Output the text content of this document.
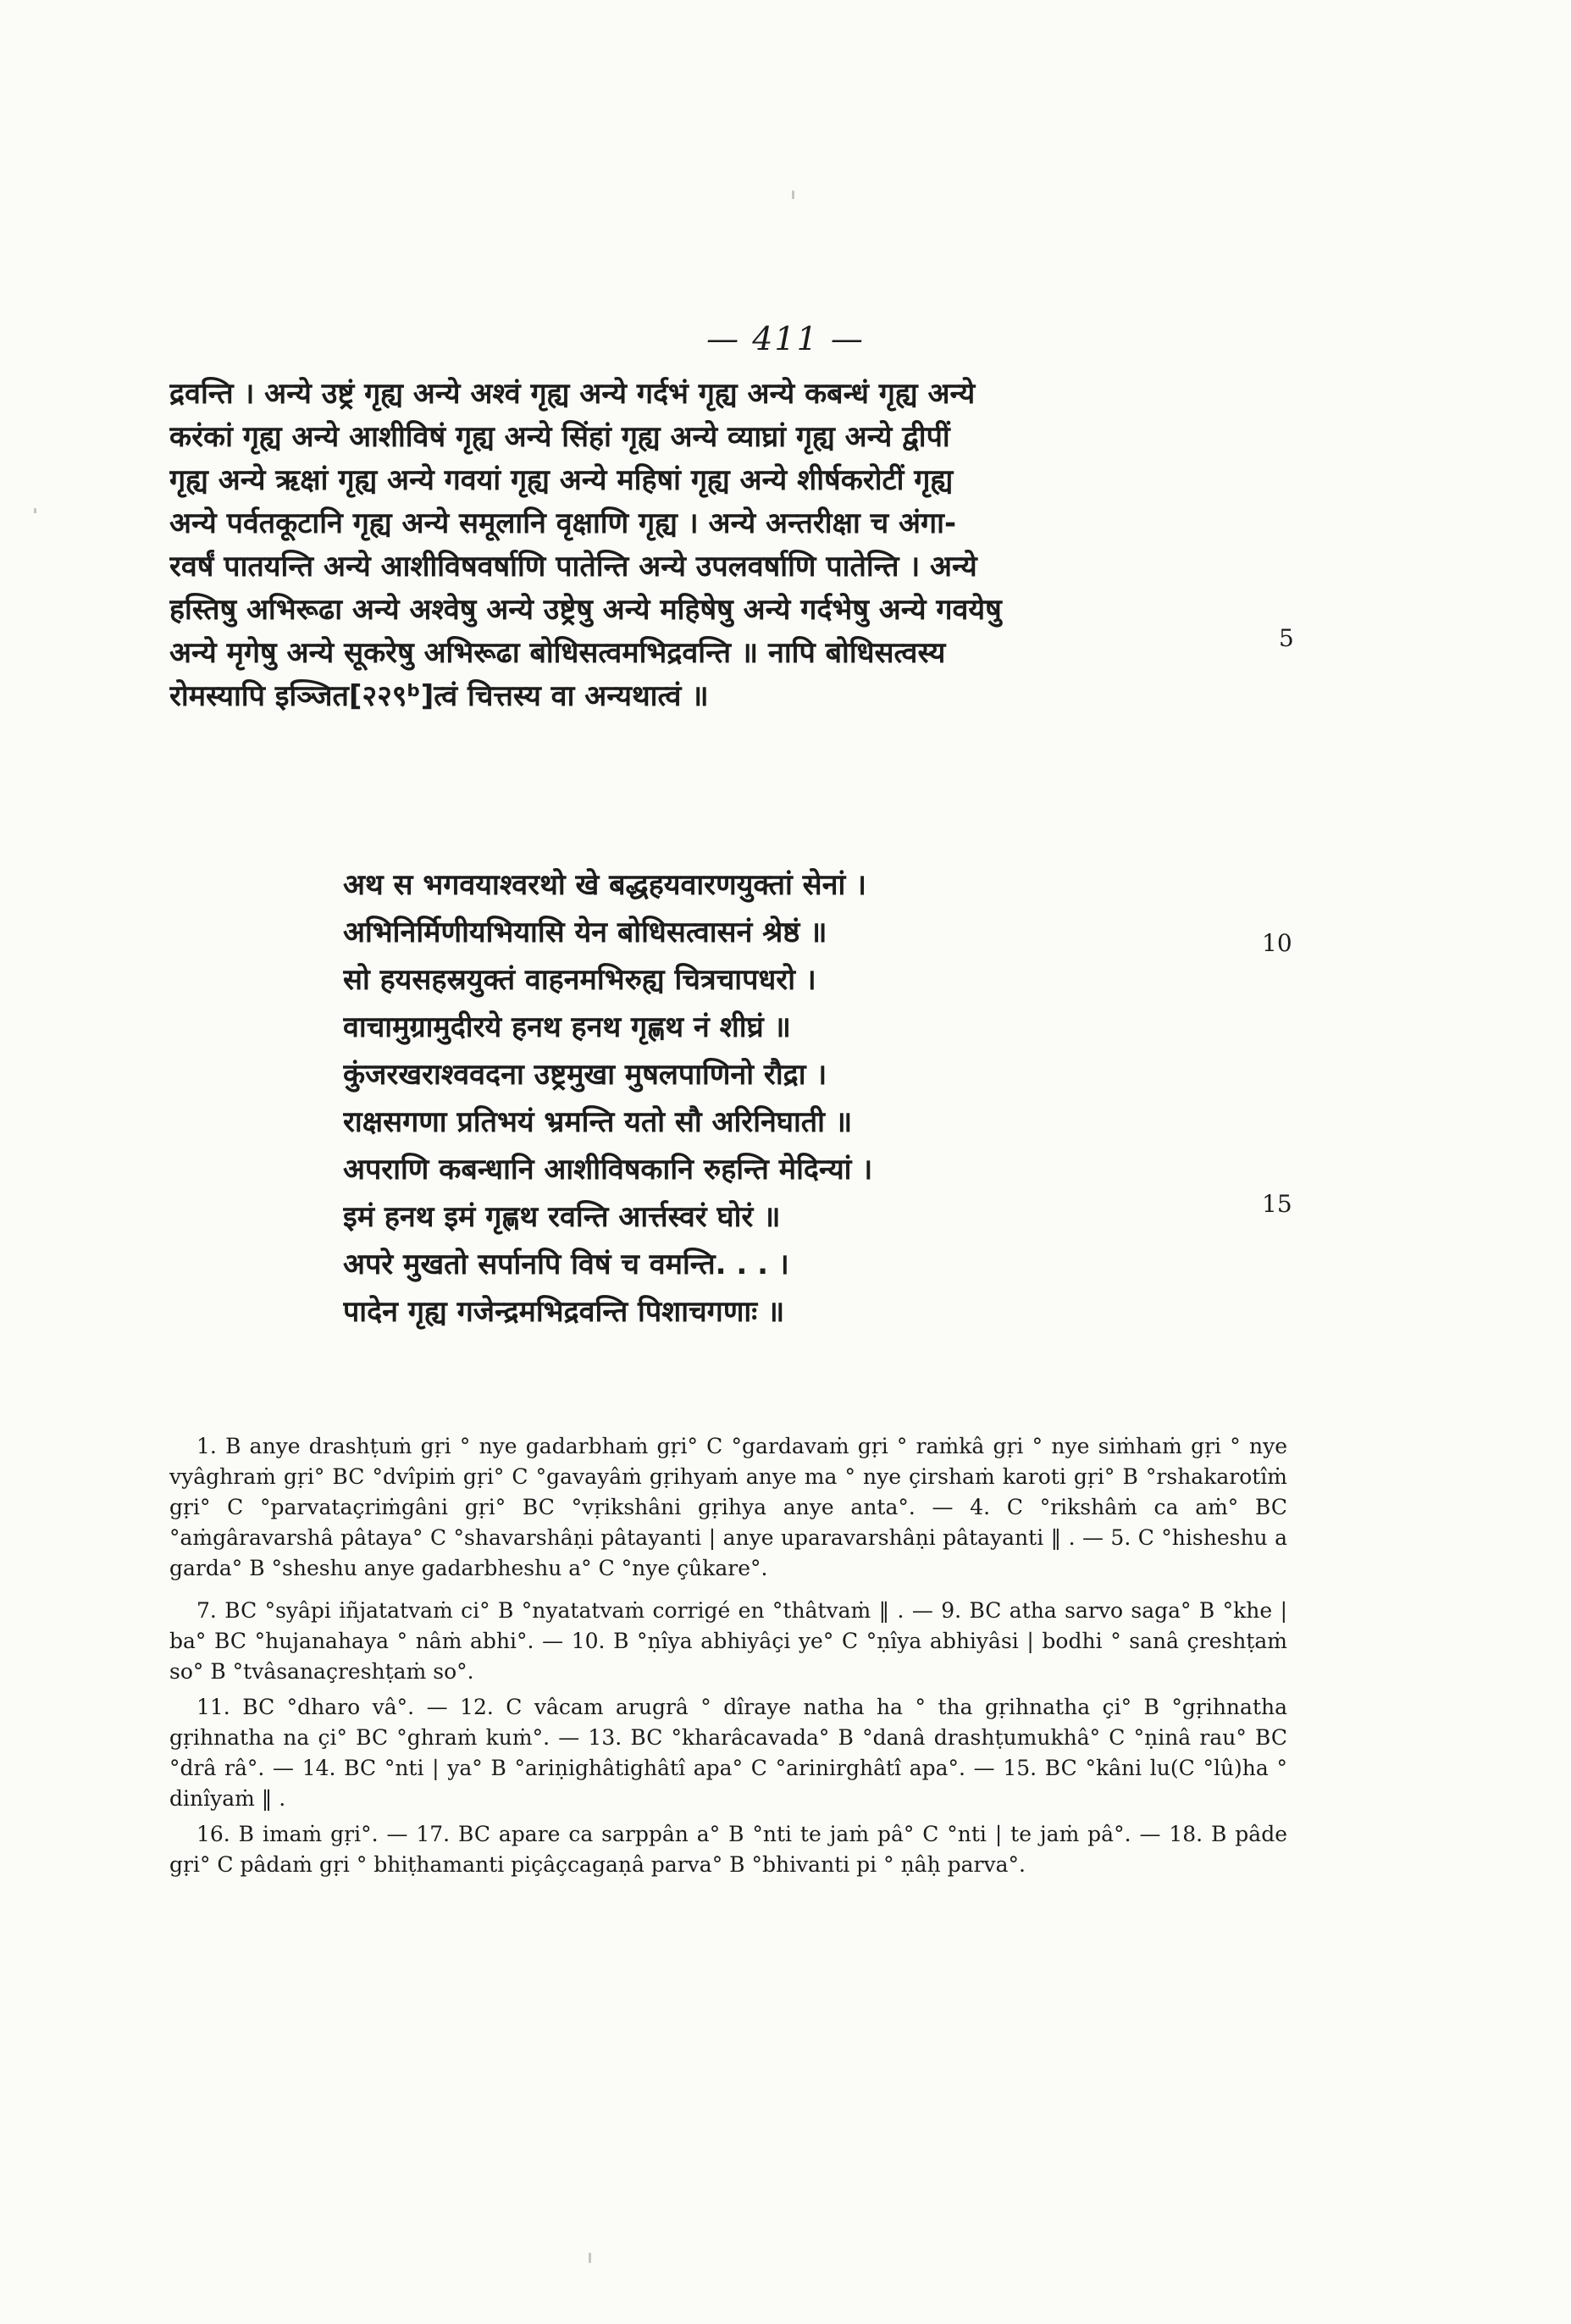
— 411 —
द्रवन्ति । अन्ये उष्ट्रं गृह्य अन्ये अश्वं गृह्य अन्ये गर्दभं गृह्य अन्ये कबन्धं गृह्य अन्ये
करंकां गृह्य अन्ये आशीविषं गृह्य अन्ये सिंहां गृह्य अन्ये व्याघ्रां गृह्य अन्ये द्वीपीं
गृह्य अन्ये ऋक्षां गृह्य अन्ये गवयां गृह्य अन्ये महिषां गृह्य अन्ये शीर्षकरोटीं गृह्य
अन्ये पर्वतकूटानि गृह्य अन्ये समूलानि वृक्षाणि गृह्य । अन्ये अन्तरीक्षा च अंगा-
रवर्षं पातयन्ति अन्ये आशीविषवर्षाणि पातेन्ति अन्ये उपलवर्षाणि पातेन्ति । अन्ये
हस्तिषु अभिरूढा अन्ये अश्वेषु अन्ये उष्ट्रेषु अन्ये महिषेषु अन्ये गर्दभेषु अन्ये गवयेषु
अन्ये मृगेषु अन्ये सूकरेषु अभिरूढा बोधिसत्वमभिद्रवन्ति ॥ नापि बोधिसत्वस्य
रोमस्यापि इञ्जित[२२९ᵇ]त्वं चित्तस्य वा अन्यथात्वं ॥
5
अथ स भगवयाश्वरथो खे बद्धहयवारणयुक्तां सेनां ।
अभिनिर्मिणीयभियासि येन बोधिसत्वासनं श्रेष्ठं ॥
सो हयसहस्रयुक्तं वाहनमभिरुह्य चित्रचापधरो ।
वाचामुग्रामुदीरये हनथ हनथ गृह्णथ नं शीघ्रं ॥
कुंजरखराश्ववदना उष्ट्रमुखा मुषलपाणिनो रौद्रा ।
राक्षसगणा प्रतिभयं भ्रमन्ति यतो सौ अरिनिघाती ॥
अपराणि कबन्धानि आशीविषकानि रुहन्ति मेदिन्यां ।
इमं हनथ इमं गृह्णथ रवन्ति आर्त्तस्वरं घोरं ॥
अपरे मुखतो सर्पानपि विषं च वमन्ति. . . ।
पादेन गृह्य गजेन्द्रमभिद्रवन्ति पिशाचगणाः ॥
10
15

1. B anye drashṭuṁ gṛi ° nye gadarbhaṁ gṛi° C °gardavaṁ gṛi ° raṁkâ gṛi ° nye siṁhaṁ gṛi ° nye vyâghraṁ gṛi° BC °dvîpiṁ gṛi° C °gavayâṁ gṛihyaṁ anye ma ° nye çirshaṁ karoti gṛi° B °rshakarotîṁ gṛi° C °parvataçriṁgâni gṛi° BC °vṛikshâni gṛihya anye anta°. — 4. C °rikshâṁ ca aṁ° BC °aṁgâravarshâ pâtaya° C °shavarshâṇi pâtayanti | anye uparavarshâṇi pâtayanti ‖ . — 5. C °hisheshu a garda° B °sheshu anye gadarbheshu a° C °nye çûkare°.

7. BC °syâpi iñjatatvaṁ ci° B °nyatatvaṁ corrigé en °thâtvaṁ ‖ . — 9. BC atha sarvo saga° B °khe | ba° BC °hujanahaya ° nâṁ abhi°. — 10. B °ṇîya abhiyâçi ye° C °ṇîya abhiyâsi | bodhi ° sanâ çreshṭaṁ so° B °tvâsanaçreshṭaṁ so°.

11. BC °dharo vâ°. — 12. C vâcam arugrâ ° dîraye natha ha ° tha gṛihnatha çi° B °gṛihnatha gṛihnatha na çi° BC °ghraṁ kuṁ°. — 13. BC °kharâcavada° B °danâ drashṭumukhâ° C °ṇinâ rau° BC °drâ râ°. — 14. BC °nti | ya° B °ariṇighâtighâtî apa° C °arinirghâtî apa°. — 15. BC °kâni lu(C °lû)ha ° dinîyaṁ ‖ .

16. B imaṁ gṛi°. — 17. BC apare ca sarppân a° B °nti te jaṁ pâ° C °nti | te jaṁ pâ°. — 18. B pâde gṛi° C pâdaṁ gṛi ° bhiṭhamanti piçâçcagaṇâ parva° B °bhivanti pi ° ṇâḥ parva°.
